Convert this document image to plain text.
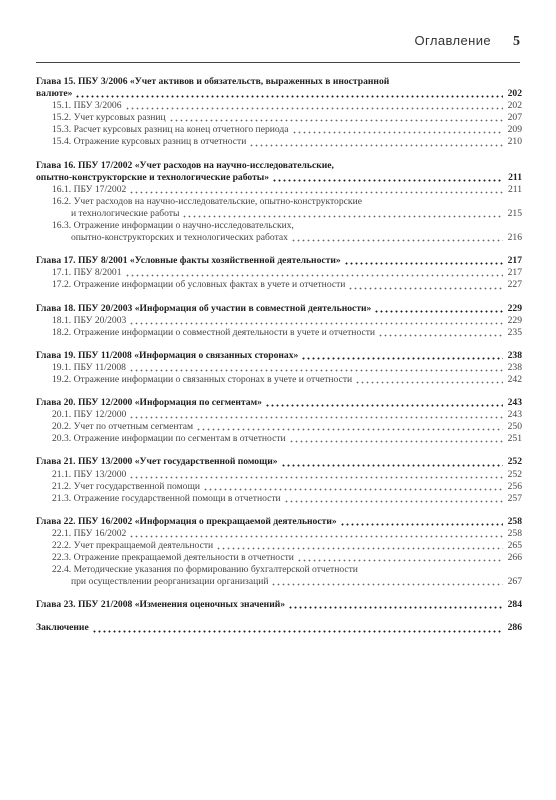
Оглавление 5
Глава 15. ПБУ 3/2006 «Учет активов и обязательств, выраженных в иностранной
валюте»	202
15.1. ПБУ 3/2006	202
15.2. Учет курсовых разниц	207
15.3. Расчет курсовых разниц на конец отчетного периода	209
15.4. Отражение курсовых разниц в отчетности	210
Глава 16. ПБУ 17/2002 «Учет расходов на научно-исследовательские,
опытно-конструкторские и технологические работы»	211
16.1. ПБУ 17/2002	211
16.2. Учет расходов на научно-исследовательские, опытно-конструкторские
и технологические работы	215
16.3. Отражение информации о научно-исследовательских,
опытно-конструкторских и технологических работах	216
Глава 17. ПБУ 8/2001 «Условные факты хозяйственной деятельности»	217
17.1. ПБУ 8/2001	217
17.2. Отражение информации об условных фактах в учете и отчетности	227
Глава 18. ПБУ 20/2003 «Информация об участии в совместной деятельности»	229
18.1. ПБУ 20/2003	229
18.2. Отражение информации о совместной деятельности в учете и отчетности	235
Глава 19. ПБУ 11/2008 «Информация о связанных сторонах»	238
19.1. ПБУ 11/2008	238
19.2. Отражение информации о связанных сторонах в учете и отчетности	242
Глава 20. ПБУ 12/2000 «Информация по сегментам»	243
20.1. ПБУ 12/2000	243
20.2. Учет по отчетным сегментам	250
20.3. Отражение информации по сегментам в отчетности	251
Глава 21. ПБУ 13/2000 «Учет государственной помощи»	252
21.1. ПБУ 13/2000	252
21.2. Учет государственной помощи	256
21.3. Отражение государственной помощи в отчетности	257
Глава 22. ПБУ 16/2002 «Информация о прекращаемой деятельности»	258
22.1. ПБУ 16/2002	258
22.2. Учет прекращаемой деятельности	265
22.3. Отражение прекращаемой деятельности в отчетности	266
22.4. Методические указания по формированию бухгалтерской отчетности
при осуществлении реорганизации организаций	267
Глава 23. ПБУ 21/2008 «Изменения оценочных значений»	284
Заключение	286
